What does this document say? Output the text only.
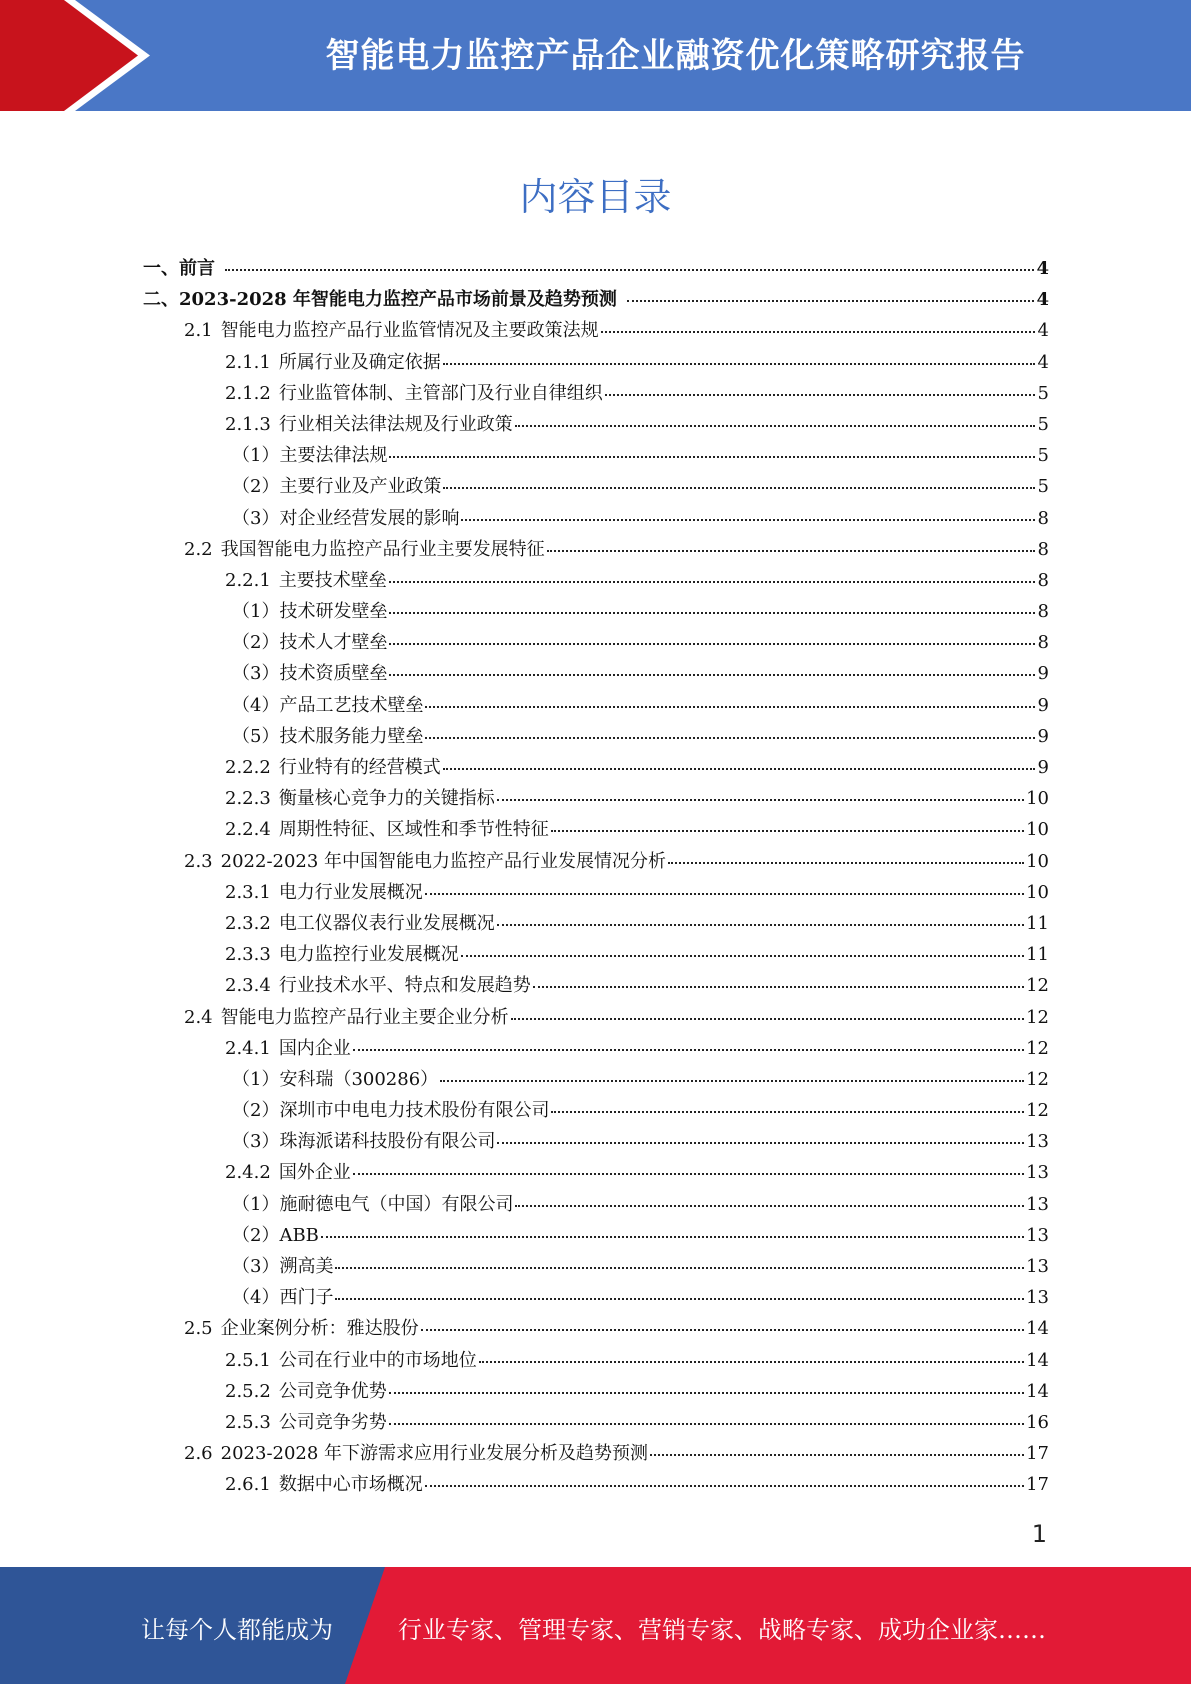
智能电力监控产品企业融资优化策略研究报告
内容目录
一、前言	4
二、2023-2028 年智能电力监控产品市场前景及趋势预测	4
2.1 智能电力监控产品行业监管情况及主要政策法规	4
2.1.1 所属行业及确定依据	4
2.1.2 行业监管体制、主管部门及行业自律组织	5
2.1.3 行业相关法律法规及行业政策	5
（1） 主要法律法规	5
（2） 主要行业及产业政策	5
（3） 对企业经营发展的影响	8
2.2 我国智能电力监控产品行业主要发展特征	8
2.2.1 主要技术壁垒	8
（1） 技术研发壁垒	8
（2） 技术人才壁垒	8
（3） 技术资质壁垒	9
（4） 产品工艺技术壁垒	9
（5） 技术服务能力壁垒	9
2.2.2 行业特有的经营模式	9
2.2.3 衡量核心竞争力的关键指标	10
2.2.4 周期性特征、区域性和季节性特征	10
2.3 2022-2023 年中国智能电力监控产品行业发展情况分析	10
2.3.1 电力行业发展概况	10
2.3.2 电工仪器仪表行业发展概况	11
2.3.3 电力监控行业发展概况	11
2.3.4 行业技术水平、特点和发展趋势	12
2.4 智能电力监控产品行业主要企业分析	12
2.4.1 国内企业	12
（1） 安科瑞（300286）	12
（2） 深圳市中电电力技术股份有限公司	12
（3） 珠海派诺科技股份有限公司	13
2.4.2 国外企业	13
（1） 施耐德电气（中国）有限公司	13
（2） ABB	13
（3） 溯高美	13
（4） 西门子	13
2.5 企业案例分析：雅达股份	14
2.5.1 公司在行业中的市场地位	14
2.5.2 公司竞争优势	14
2.5.3 公司竞争劣势	16
2.6 2023-2028 年下游需求应用行业发展分析及趋势预测	17
2.6.1 数据中心市场概况	17
1
让每个人都能成为	行业专家、管理专家、营销专家、战略专家、成功企业家……
